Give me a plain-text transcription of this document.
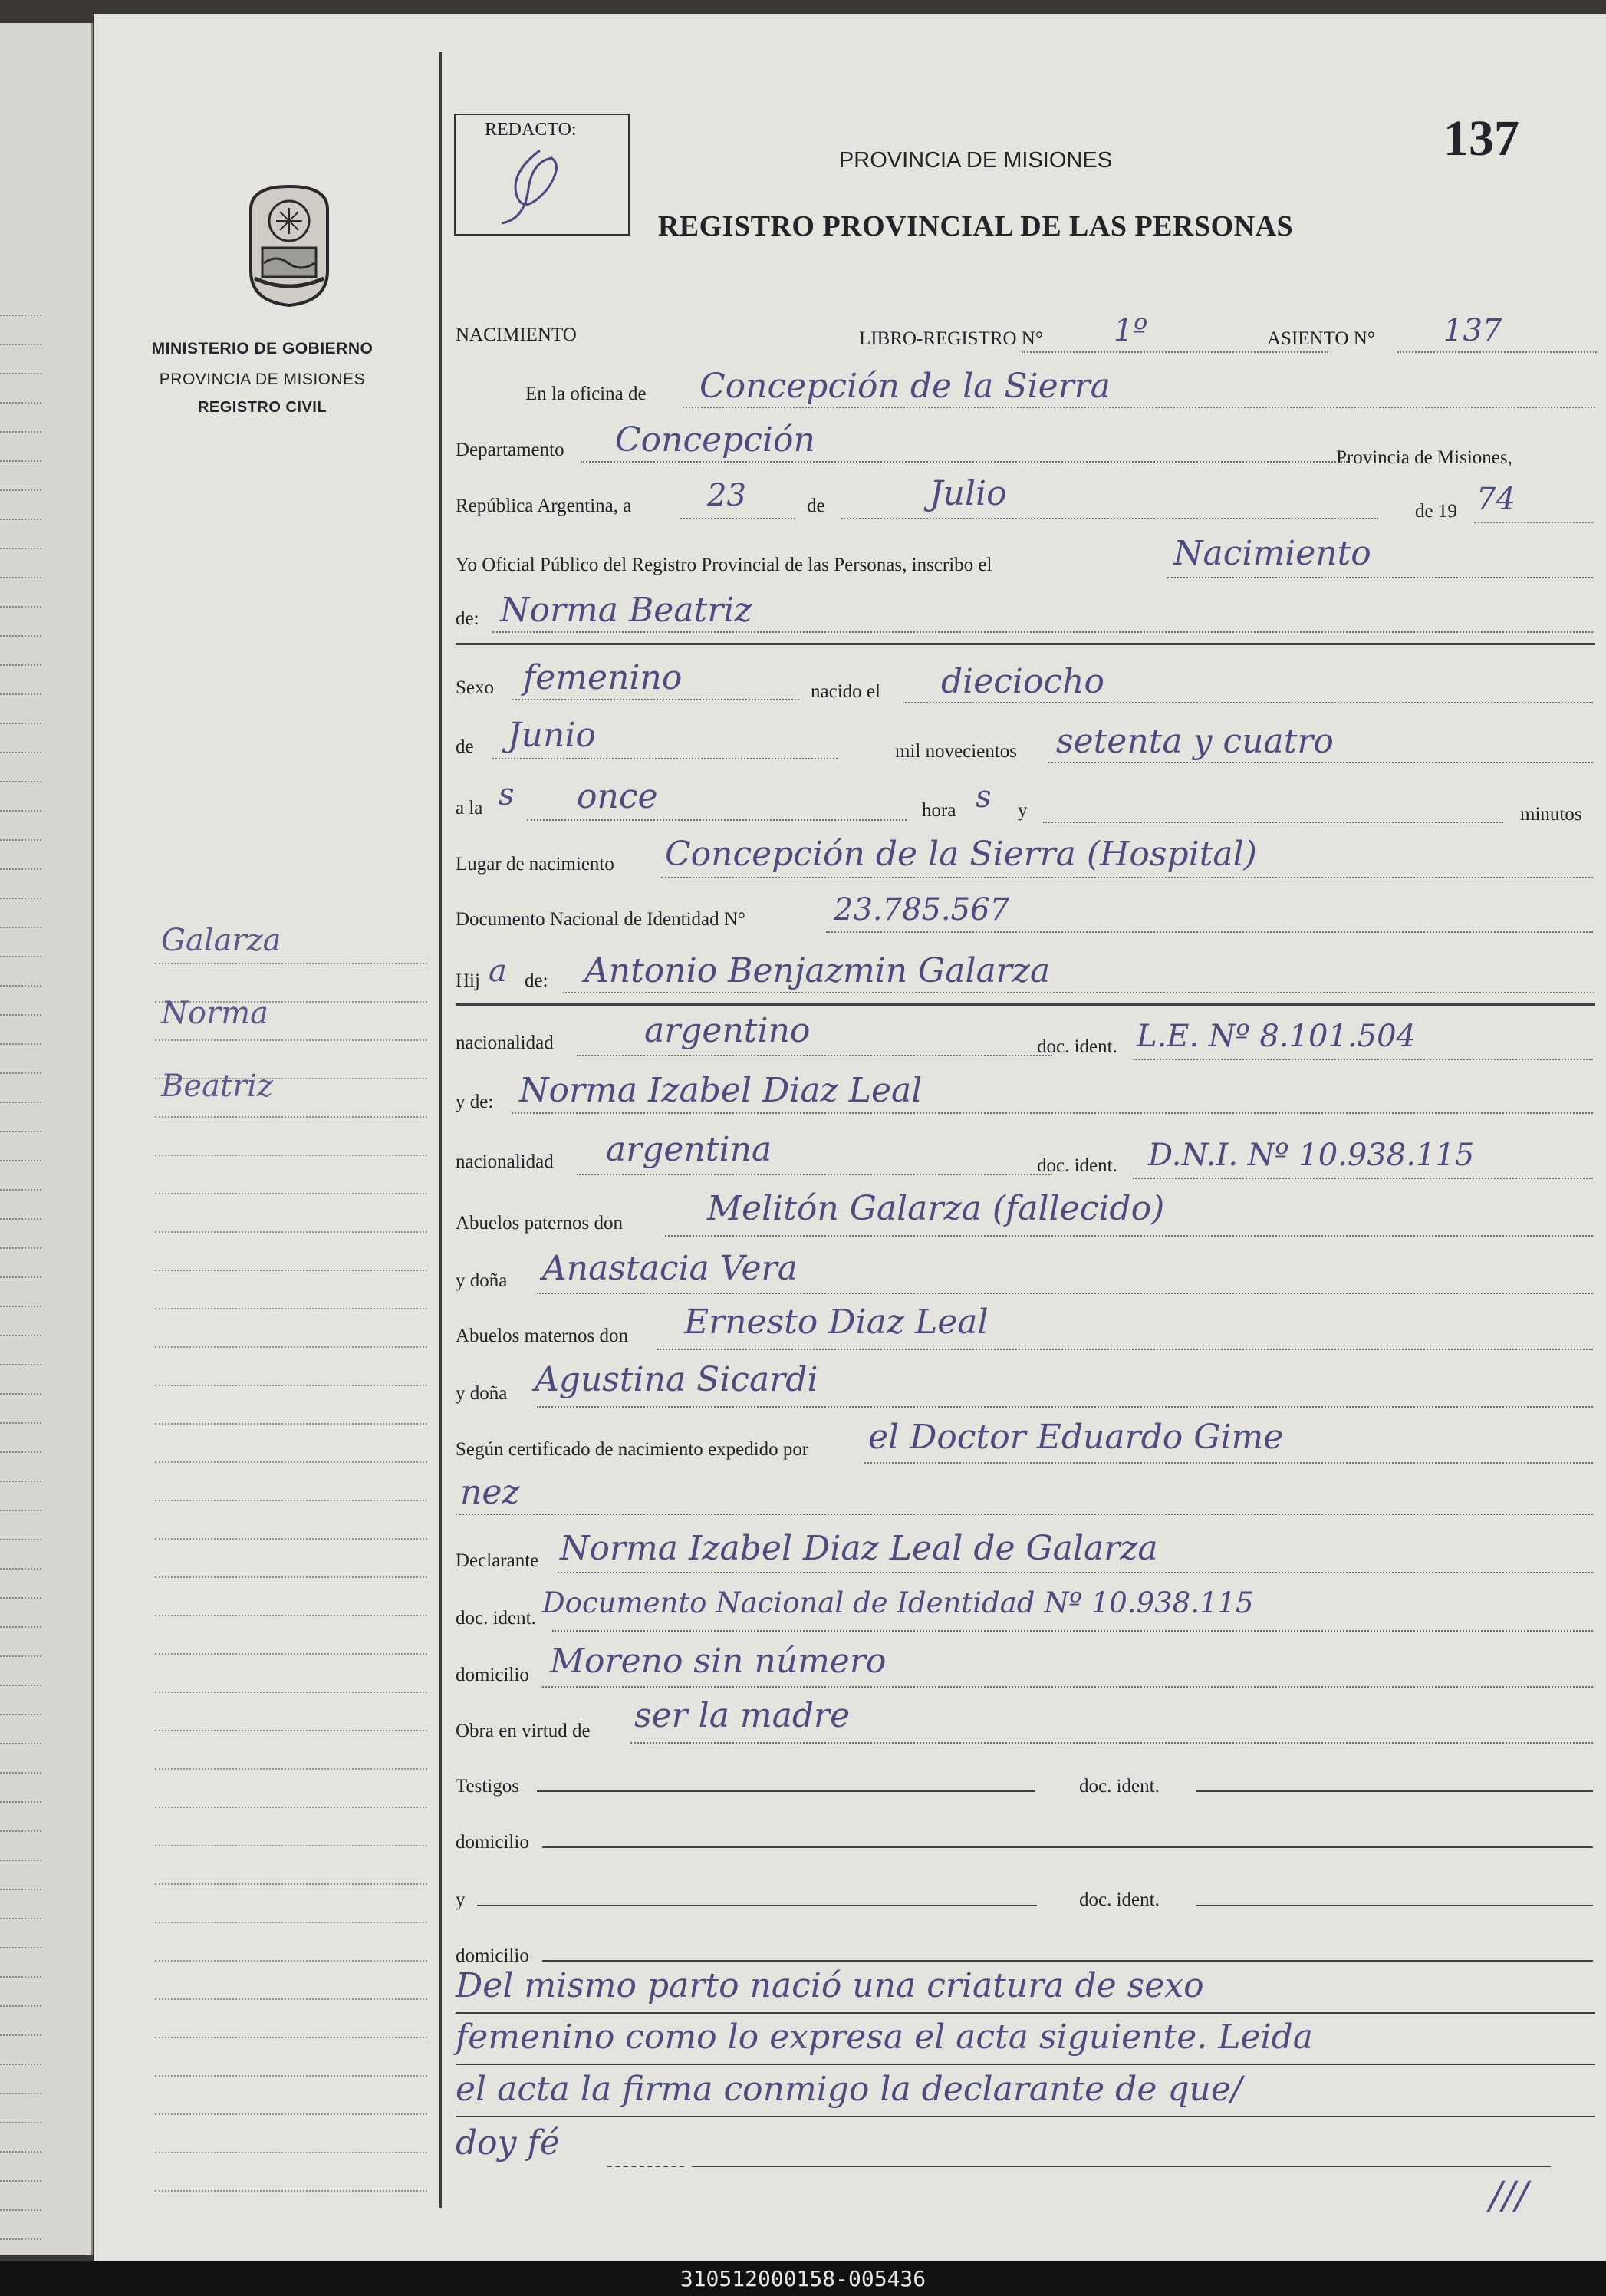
MINISTERIO DE GOBIERNO
PROVINCIA DE MISIONES
REGISTRO CIVIL
Galarza
Norma
Beatriz
REDACTO:	137
PROVINCIA DE MISIONES
REGISTRO PROVINCIAL DE LAS PERSONAS
NACIMIENTO	LIBRO-REGISTRO N° 1º	ASIENTO N° 137
En la oficina de Concepción de la Sierra
Departamento Concepción	Provincia de Misiones,
República Argentina, a 23	de	Julio	de 19 74
Yo Oficial Público del Registro Provincial de las Personas, inscribo el	Nacimiento
de: Norma Beatriz
Sexo femenino	nacido el dieciocho
de Junio	mil novecientos setenta y cuatro
a la s once	hora s y	minutos
Lugar de nacimiento Concepción de la Sierra (Hospital)
Documento Nacional de Identidad N°	23.785.567
Hij a de: Antonio Benjazmin Galarza
nacionalidad	argentino	doc. ident. L.E. Nº 8.101.504
y de: Norma Izabel Diaz Leal
nacionalidad argentina	doc. ident. D.N.I. Nº 10.938.115
Abuelos paternos don Melitón Galarza (fallecido)
y doña Anastacia Vera
Abuelos maternos don Ernesto Diaz Leal
y doña Agustina Sicardi
Según certificado de nacimiento expedido por el Doctor Eduardo Gime
nez
Declarante Norma Izabel Diaz Leal de Galarza
doc. ident. Documento Nacional de Identidad Nº 10.938.115
domicilio Moreno sin número
Obra en virtud de ser la madre
Testigos	doc. ident.
domicilio
y	doc. ident.
domicilio
Del mismo parto nació una criatura de sexo
femenino como lo expresa el acta siguiente. Leida
el acta la firma conmigo la declarante de que/
doy fé
///
310512000158-005436
